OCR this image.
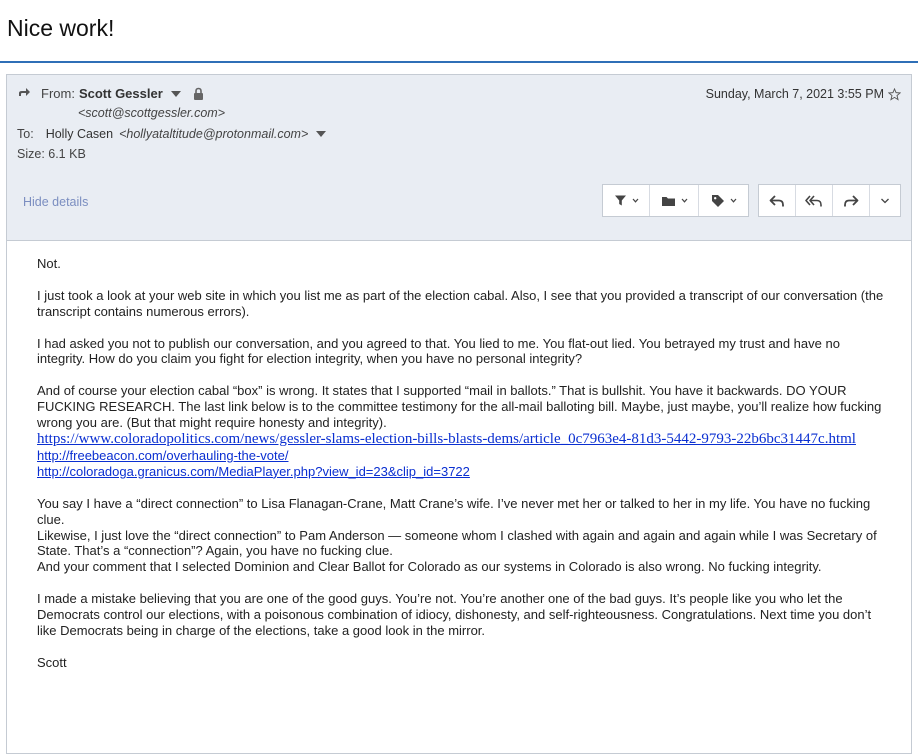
Nice work!
From: Scott Gessler
<scott@scottgessler.com>
To: Holly Casen <hollyataltitude@protonmail.com>
Size: 6.1 KB
Sunday, March 7, 2021 3:55 PM
Hide details

Not.

I just took a look at your web site in which you list me as part of the election cabal. Also, I see that you provided a transcript of our conversation (the transcript contains numerous errors).

I had asked you not to publish our conversation, and you agreed to that. You lied to me. You flat-out lied. You betrayed my trust and have no integrity. How do you claim you fight for election integrity, when you have no personal integrity?

And of course your election cabal “box” is wrong. It states that I supported “mail in ballots.” That is bullshit. You have it backwards. DO YOUR FUCKING RESEARCH. The last link below is to the committee testimony for the all-mail balloting bill. Maybe, just maybe, you’ll realize how fucking wrong you are. (But that might require honesty and integrity).

https://www.coloradopolitics.com/news/gessler-slams-election-bills-blasts-dems/article_0c7963e4-81d3-5442-9793-22b6bc31447c.html

http://freebeacon.com/overhauling-the-vote/

http://coloradoga.granicus.com/MediaPlayer.php?view_id=23&clip_id=3722

You say I have a “direct connection” to Lisa Flanagan-Crane, Matt Crane’s wife. I’ve never met her or talked to her in my life. You have no fucking clue.

Likewise, I just love the “direct connection” to Pam Anderson — someone whom I clashed with again and again and again while I was Secretary of State. That’s a “connection”? Again, you have no fucking clue.

And your comment that I selected Dominion and Clear Ballot for Colorado as our systems in Colorado is also wrong. No fucking integrity.

I made a mistake believing that you are one of the good guys. You’re not. You’re another one of the bad guys. It’s people like you who let the Democrats control our elections, with a poisonous combination of idiocy, dishonesty, and self-righteousness. Congratulations. Next time you don’t like Democrats being in charge of the elections, take a good look in the mirror.

Scott
